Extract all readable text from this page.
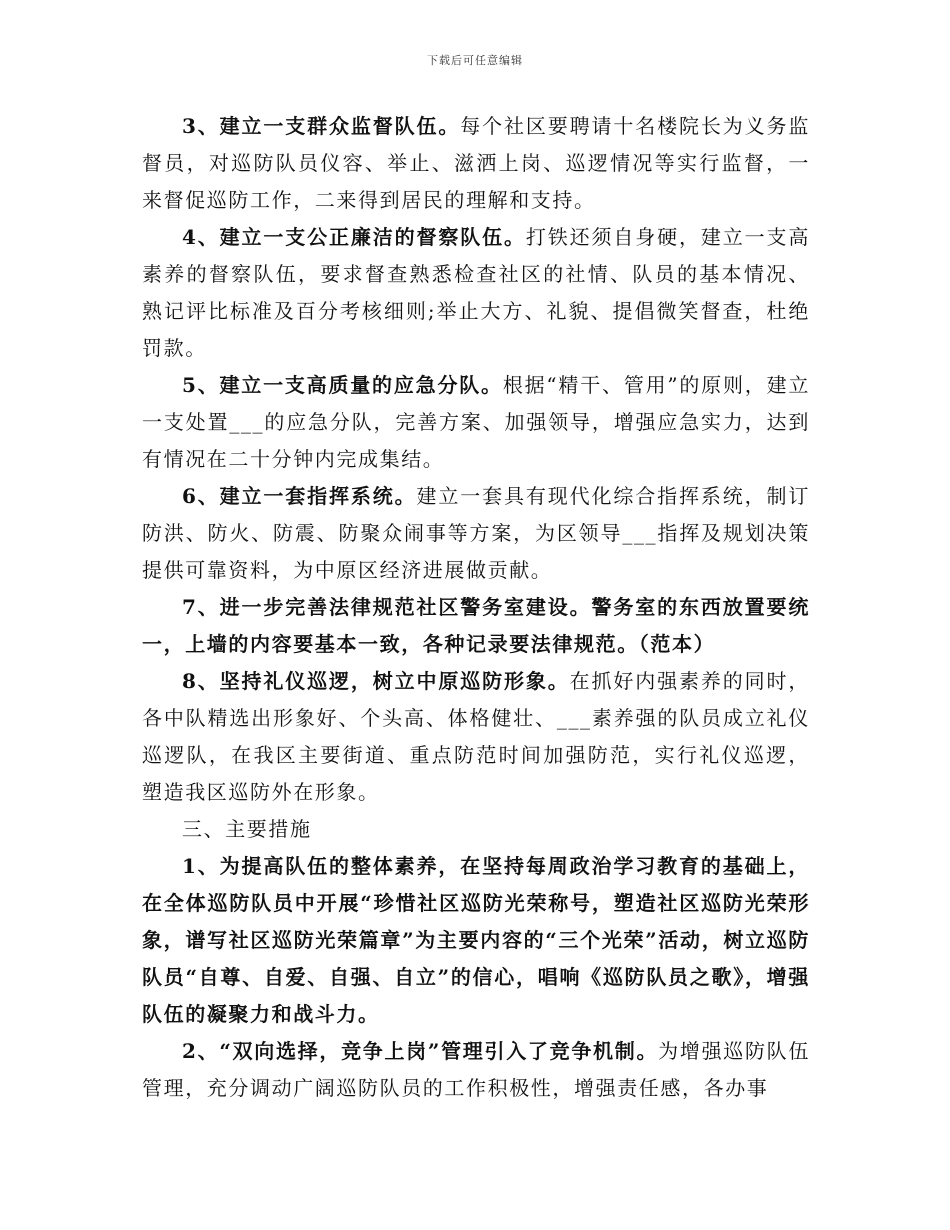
下载后可任意编辑

3、建立一支群众监督队伍。每个社区要聘请十名楼院长为义务监督员，对巡防队员仪容、举止、滋洒上岗、巡逻情况等实行监督，一来督促巡防工作，二来得到居民的理解和支持。

4、建立一支公正廉洁的督察队伍。打铁还须自身硬，建立一支高素养的督察队伍，要求督查熟悉检查社区的社情、队员的基本情况、熟记评比标准及百分考核细则;举止大方、礼貌、提倡微笑督查，杜绝罚款。

5、建立一支高质量的应急分队。根据“精干、管用”的原则，建立一支处置___的应急分队，完善方案、加强领导，增强应急实力，达到有情况在二十分钟内完成集结。

6、建立一套指挥系统。建立一套具有现代化综合指挥系统，制订防洪、防火、防震、防聚众闹事等方案，为区领导___指挥及规划决策提供可靠资料，为中原区经济进展做贡献。

7、进一步完善法律规范社区警务室建设。警务室的东西放置要统一，上墙的内容要基本一致，各种记录要法律规范。（范本）

8、坚持礼仪巡逻，树立中原巡防形象。在抓好内强素养的同时，各中队精选出形象好、个头高、体格健壮、___素养强的队员成立礼仪巡逻队，在我区主要街道、重点防范时间加强防范，实行礼仪巡逻，塑造我区巡防外在形象。

三、主要措施

1、为提高队伍的整体素养，在坚持每周政治学习教育的基础上，在全体巡防队员中开展“珍惜社区巡防光荣称号，塑造社区巡防光荣形象，谱写社区巡防光荣篇章”为主要内容的“三个光荣”活动，树立巡防队员“自尊、自爱、自强、自立”的信心，唱响《巡防队员之歌》，增强队伍的凝聚力和战斗力。

2、“双向选择，竞争上岗”管理引入了竞争机制。为增强巡防队伍管理，充分调动广阔巡防队员的工作积极性，增强责任感，各办事
